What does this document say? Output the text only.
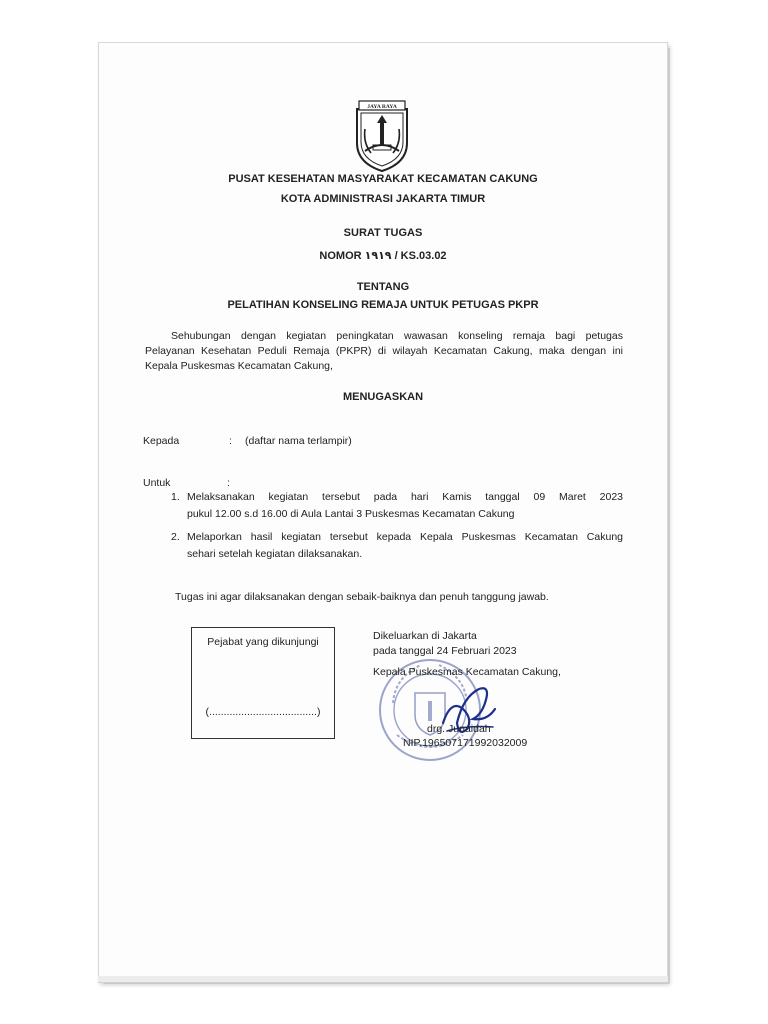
JAYA RAYA
PUSAT KESEHATAN MASYARAKAT KECAMATAN CAKUNG
KOTA ADMINISTRASI JAKARTA TIMUR
SURAT TUGAS
NOMOR ١٩١٩ / KS.03.02
TENTANG
PELATIHAN KONSELING REMAJA UNTUK PETUGAS PKPR
Sehubungan dengan kegiatan peningkatan wawasan konseling remaja bagi petugas
Pelayanan Kesehatan Peduli Remaja (PKPR) di wilayah Kecamatan Cakung, maka dengan ini
Kepala Puskesmas Kecamatan Cakung,
MENUGASKAN
Kepada	: (daftar nama terlampir)
Untuk	:
1. Melaksanakan kegiatan tersebut pada hari Kamis tanggal 09 Maret 2023
pukul 12.00 s.d 16.00 di Aula Lantai 3 Puskesmas Kecamatan Cakung
2. Melaporkan hasil kegiatan tersebut kepada Kepala Puskesmas Kecamatan Cakung
sehari setelah kegiatan dilaksanakan.
Tugas ini agar dilaksanakan dengan sebaik-baiknya dan penuh tanggung jawab.
Pejabat yang dikunjungi
(.....................................)
Dikeluarkan di Jakarta
pada tanggal 24 Februari 2023
Kepala Puskesmas Kecamatan Cakung,
drg. Junaidah
NIP.196507171992032009
